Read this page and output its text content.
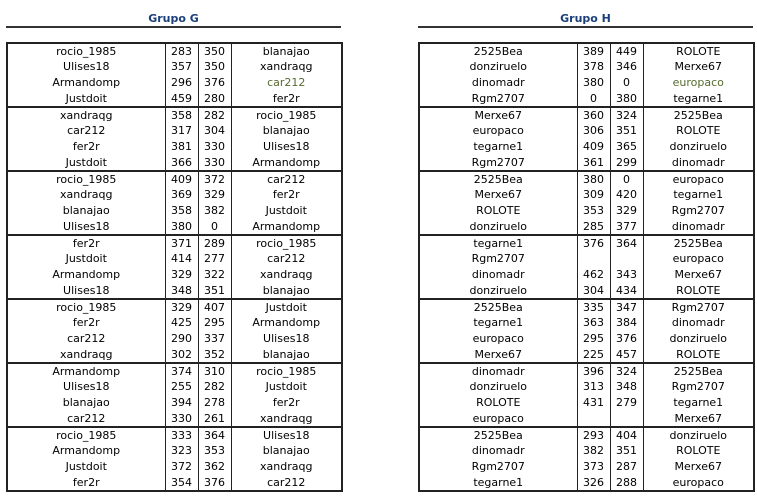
Grupo G
rocio_1985	283	350	blanajao
Ulises18	357	350	xandraqg
Armandomp	296	376	car212
Justdoit	459	280	fer2r
xandraqg	358	282	rocio_1985
car212	317	304	blanajao
fer2r	381	330	Ulises18
Justdoit	366	330	Armandomp
rocio_1985	409	372	car212
xandraqg	369	329	fer2r
blanajao	358	382	Justdoit
Ulises18	380	0	Armandomp
fer2r	371	289	rocio_1985
Justdoit	414	277	car212
Armandomp	329	322	xandraqg
Ulises18	348	351	blanajao
rocio_1985	329	407	Justdoit
fer2r	425	295	Armandomp
car212	290	337	Ulises18
xandraqg	302	352	blanajao
Armandomp	374	310	rocio_1985
Ulises18	255	282	Justdoit
blanajao	394	278	fer2r
car212	330	261	xandraqg
rocio_1985	333	364	Ulises18
Armandomp	323	353	blanajao
Justdoit	372	362	xandraqg
fer2r	354	376	car212
Grupo H
2525Bea	389	449	ROLOTE
donziruelo	378	346	Merxe67
dinomadr	380	0	europaco
Rgm2707	0	380	tegarne1
Merxe67	360	324	2525Bea
europaco	306	351	ROLOTE
tegarne1	409	365	donziruelo
Rgm2707	361	299	dinomadr
2525Bea	380	0	europaco
Merxe67	309	420	tegarne1
ROLOTE	353	329	Rgm2707
donziruelo	285	377	dinomadr
tegarne1	376	364	2525Bea
Rgm2707			europaco
dinomadr	462	343	Merxe67
donziruelo	304	434	ROLOTE
2525Bea	335	347	Rgm2707
tegarne1	363	384	dinomadr
europaco	295	376	donziruelo
Merxe67	225	457	ROLOTE
dinomadr	396	324	2525Bea
donziruelo	313	348	Rgm2707
ROLOTE	431	279	tegarne1
europaco			Merxe67
2525Bea	293	404	donziruelo
dinomadr	382	351	ROLOTE
Rgm2707	373	287	Merxe67
tegarne1	326	288	europaco
